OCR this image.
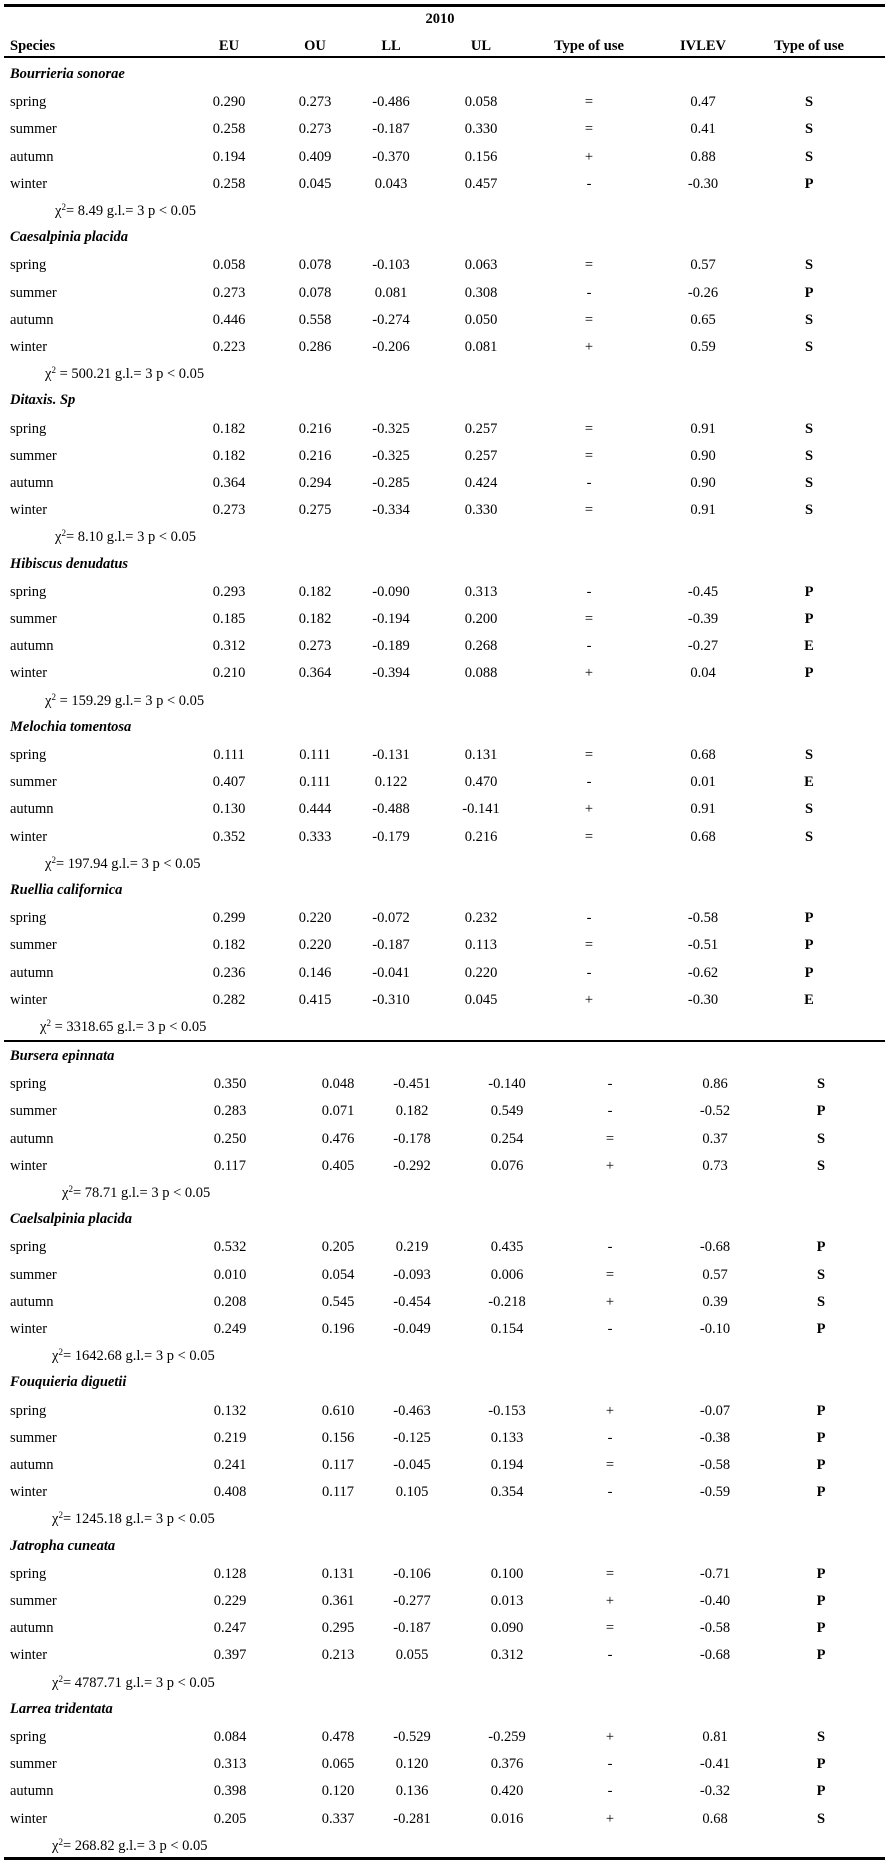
2010
Species	EU	OU	LL	UL	Type of use	IVLEV	Type of use
Bourrieria sonorae
spring	0.290	0.273	-0.486	0.058	=	0.47	S
summer	0.258	0.273	-0.187	0.330	=	0.41	S
autumn	0.194	0.409	-0.370	0.156	+	0.88	S
winter	0.258	0.045	0.043	0.457	-	-0.30	P
$\chi^2= 8.49$ g.l.= 3 p < 0.05
Caesalpinia placida
spring	0.058	0.078	-0.103	0.063	=	0.57	S
summer	0.273	0.078	0.081	0.308	-	-0.26	P
autumn	0.446	0.558	-0.274	0.050	=	0.65	S
winter	0.223	0.286	-0.206	0.081	+	0.59	S
$\chi^2 = 500.21$ g.l.= 3 p < 0.05
Ditaxis. Sp
spring	0.182	0.216	-0.325	0.257	=	0.91	S
summer	0.182	0.216	-0.325	0.257	=	0.90	S
autumn	0.364	0.294	-0.285	0.424	-	0.90	S
winter	0.273	0.275	-0.334	0.330	=	0.91	S
$\chi^2= 8.10$ g.l.= 3 p < 0.05
Hibiscus denudatus
spring	0.293	0.182	-0.090	0.313	-	-0.45	P
summer	0.185	0.182	-0.194	0.200	=	-0.39	P
autumn	0.312	0.273	-0.189	0.268	-	-0.27	E
winter	0.210	0.364	-0.394	0.088	+	0.04	P
$\chi^2 = 159.29$ g.l.= 3 p < 0.05
Melochia tomentosa
spring	0.111	0.111	-0.131	0.131	=	0.68	S
summer	0.407	0.111	0.122	0.470	-	0.01	E
autumn	0.130	0.444	-0.488	-0.141	+	0.91	S
winter	0.352	0.333	-0.179	0.216	=	0.68	S
$\chi^2= 197.94$ g.l.= 3 p < 0.05
Ruellia californica
spring	0.299	0.220	-0.072	0.232	-	-0.58	P
summer	0.182	0.220	-0.187	0.113	=	-0.51	P
autumn	0.236	0.146	-0.041	0.220	-	-0.62	P
winter	0.282	0.415	-0.310	0.045	+	-0.30	E
$\chi^2 = 3318.65$ g.l.= 3 p < 0.05
Bursera epinnata
spring	0.350	0.048	-0.451	-0.140	-	0.86	S
summer	0.283	0.071	0.182	0.549	-	-0.52	P
autumn	0.250	0.476	-0.178	0.254	=	0.37	S
winter	0.117	0.405	-0.292	0.076	+	0.73	S
$\chi^2= 78.71$ g.l.= 3 p < 0.05
Caelsalpinia placida
spring	0.532	0.205	0.219	0.435	-	-0.68	P
summer	0.010	0.054	-0.093	0.006	=	0.57	S
autumn	0.208	0.545	-0.454	-0.218	+	0.39	S
winter	0.249	0.196	-0.049	0.154	-	-0.10	P
$\chi^2= 1642.68$ g.l.= 3 p < 0.05
Fouquieria diguetii
spring	0.132	0.610	-0.463	-0.153	+	-0.07	P
summer	0.219	0.156	-0.125	0.133	-	-0.38	P
autumn	0.241	0.117	-0.045	0.194	=	-0.58	P
winter	0.408	0.117	0.105	0.354	-	-0.59	P
$\chi^2= 1245.18$ g.l.= 3 p < 0.05
Jatropha cuneata
spring	0.128	0.131	-0.106	0.100	=	-0.71	P
summer	0.229	0.361	-0.277	0.013	+	-0.40	P
autumn	0.247	0.295	-0.187	0.090	=	-0.58	P
winter	0.397	0.213	0.055	0.312	-	-0.68	P
$\chi^2= 4787.71$ g.l.= 3 p < 0.05
Larrea tridentata
spring	0.084	0.478	-0.529	-0.259	+	0.81	S
summer	0.313	0.065	0.120	0.376	-	-0.41	P
autumn	0.398	0.120	0.136	0.420	-	-0.32	P
winter	0.205	0.337	-0.281	0.016	+	0.68	S
$\chi^2= 268.82$ g.l.= 3 p < 0.05
